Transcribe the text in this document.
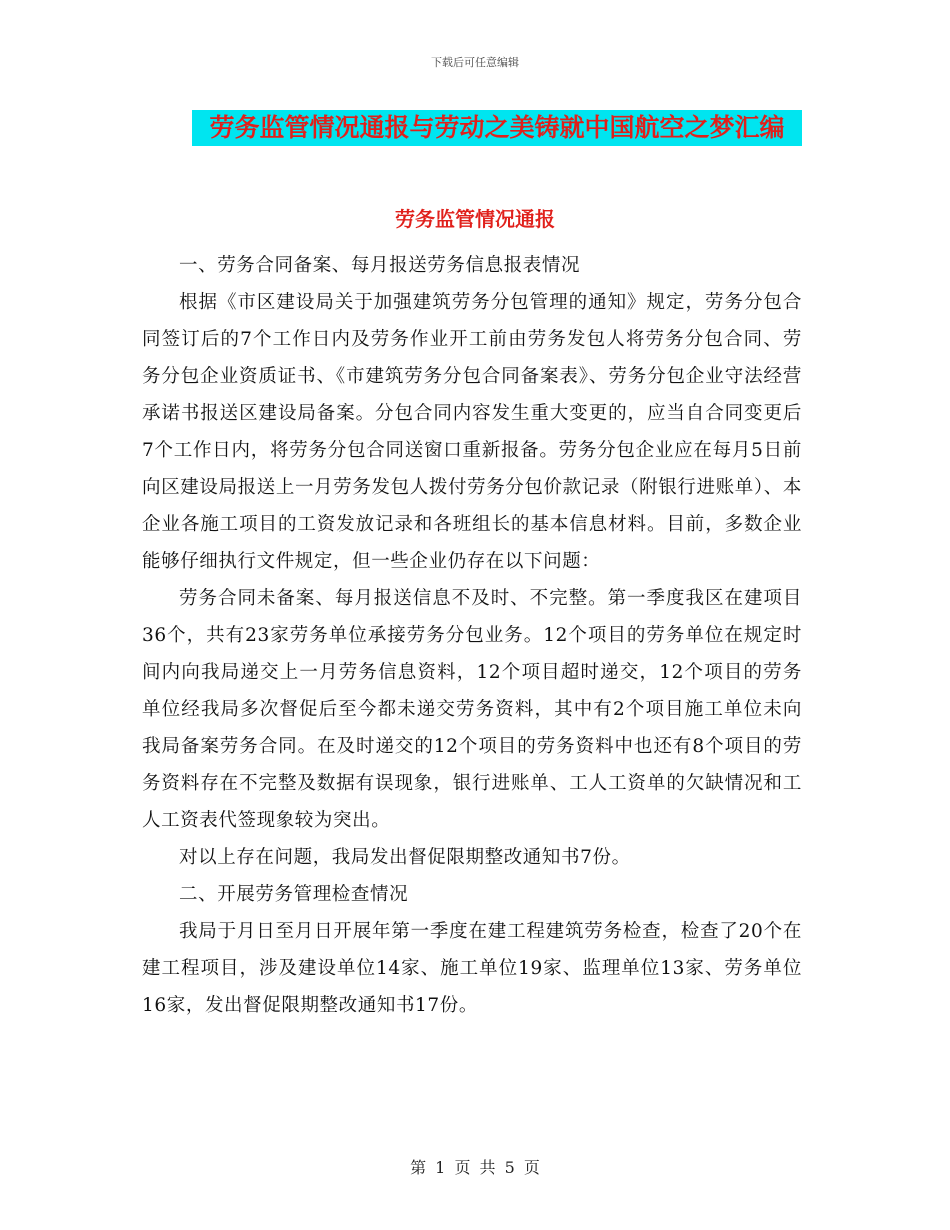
下载后可任意编辑
劳务监管情况通报与劳动之美铸就中国航空之梦汇编
劳务监管情况通报

一、劳务合同备案、每月报送劳务信息报表情况

根据《市区建设局关于加强建筑劳务分包管理的通知》规定，劳务分包合同签订后的7个工作日内及劳务作业开工前由劳务发包人将劳务分包合同、劳务分包企业资质证书、《市建筑劳务分包合同备案表》、劳务分包企业守法经营承诺书报送区建设局备案。分包合同内容发生重大变更的，应当自合同变更后7个工作日内，将劳务分包合同送窗口重新报备。劳务分包企业应在每月5日前向区建设局报送上一月劳务发包人拨付劳务分包价款记录（附银行进账单）、本企业各施工项目的工资发放记录和各班组长的基本信息材料。目前，多数企业能够仔细执行文件规定，但一些企业仍存在以下问题：

劳务合同未备案、每月报送信息不及时、不完整。第一季度我区在建项目36个，共有23家劳务单位承接劳务分包业务。12个项目的劳务单位在规定时间内向我局递交上一月劳务信息资料，12个项目超时递交，12个项目的劳务单位经我局多次督促后至今都未递交劳务资料，其中有2个项目施工单位未向我局备案劳务合同。在及时递交的12个项目的劳务资料中也还有8个项目的劳务资料存在不完整及数据有误现象，银行进账单、工人工资单的欠缺情况和工人工资表代签现象较为突出。

对以上存在问题，我局发出督促限期整改通知书7份。

二、开展劳务管理检查情况

我局于月日至月日开展年第一季度在建工程建筑劳务检查，检查了20个在建工程项目，涉及建设单位14家、施工单位19家、监理单位13家、劳务单位16家，发出督促限期整改通知书17份。

第 1 页 共 5 页
